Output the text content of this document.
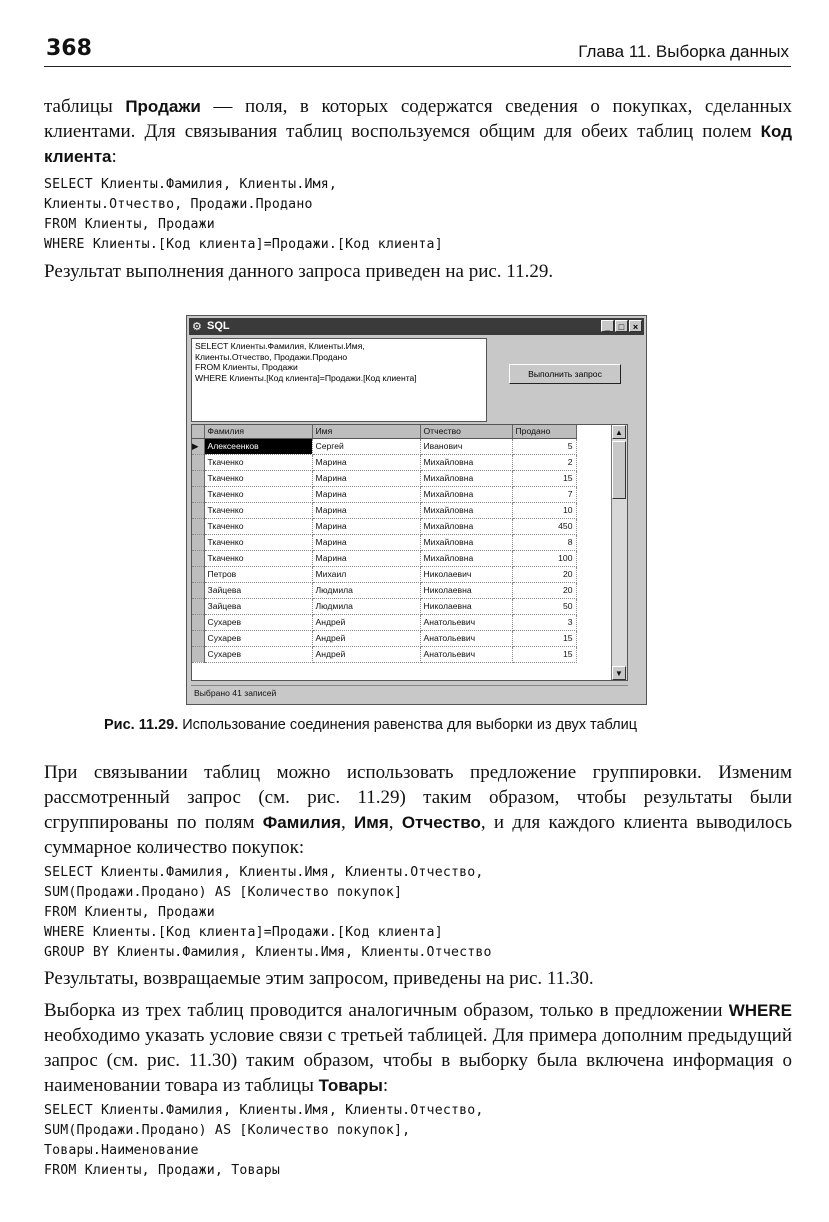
368	Глава 11. Выборка данных
таблицы Продажи — поля, в которых содержатся сведения о покупках, сделанных клиентами. Для связывания таблиц воспользуемся общим для обеих таблиц полем Код клиента:
SELECT Клиенты.Фамилия, Клиенты.Имя,
Клиенты.Отчество, Продажи.Продано
FROM Клиенты, Продажи
WHERE Клиенты.[Код клиента]=Продажи.[Код клиента]
Результат выполнения данного запроса приведен на рис. 11.29.
⚙ SQL	_ □ ×
SELECT Клиенты.Фамилия, Клиенты.Имя,
Клиенты.Отчество, Продажи.Продано
FROM Клиенты, Продажи
WHERE Клиенты.[Код клиента]=Продажи.[Код клиента]	Выполнить запрос
	Фамилия	Имя	Отчество	Продано
▶	Алексеенков	Сергей	Иванович	5
	Ткаченко	Марина	Михайловна	2
	Ткаченко	Марина	Михайловна	15
	Ткаченко	Марина	Михайловна	7
	Ткаченко	Марина	Михайловна	10
	Ткаченко	Марина	Михайловна	450
	Ткаченко	Марина	Михайловна	8
	Ткаченко	Марина	Михайловна	100
	Петров	Михаил	Николаевич	20
	Зайцева	Людмила	Николаевна	20
	Зайцева	Людмила	Николаевна	50
	Сухарев	Андрей	Анатольевич	3
	Сухарев	Андрей	Анатольевич	15
	Сухарев	Андрей	Анатольевич	15
▲
▼
Выбрано 41 записей
Рис. 11.29. Использование соединения равенства для выборки из двух таблиц
При связывании таблиц можно использовать предложение группировки. Изменим рассмотренный запрос (см. рис. 11.29) таким образом, чтобы результаты были сгруппированы по полям Фамилия, Имя, Отчество, и для каждого клиента выводилось суммарное количество покупок:
SELECT Клиенты.Фамилия, Клиенты.Имя, Клиенты.Отчество,
SUM(Продажи.Продано) AS [Количество покупок]
FROM Клиенты, Продажи
WHERE Клиенты.[Код клиента]=Продажи.[Код клиента]
GROUP BY Клиенты.Фамилия, Клиенты.Имя, Клиенты.Отчество
Результаты, возвращаемые этим запросом, приведены на рис. 11.30.
Выборка из трех таблиц проводится аналогичным образом, только в предложении WHERE необходимо указать условие связи с третьей таблицей. Для примера дополним предыдущий запрос (см. рис. 11.30) таким образом, чтобы в выборку была включена информация о наименовании товара из таблицы Товары:
SELECT Клиенты.Фамилия, Клиенты.Имя, Клиенты.Отчество,
SUM(Продажи.Продано) AS [Количество покупок],
Товары.Наименование
FROM Клиенты, Продажи, Товары
